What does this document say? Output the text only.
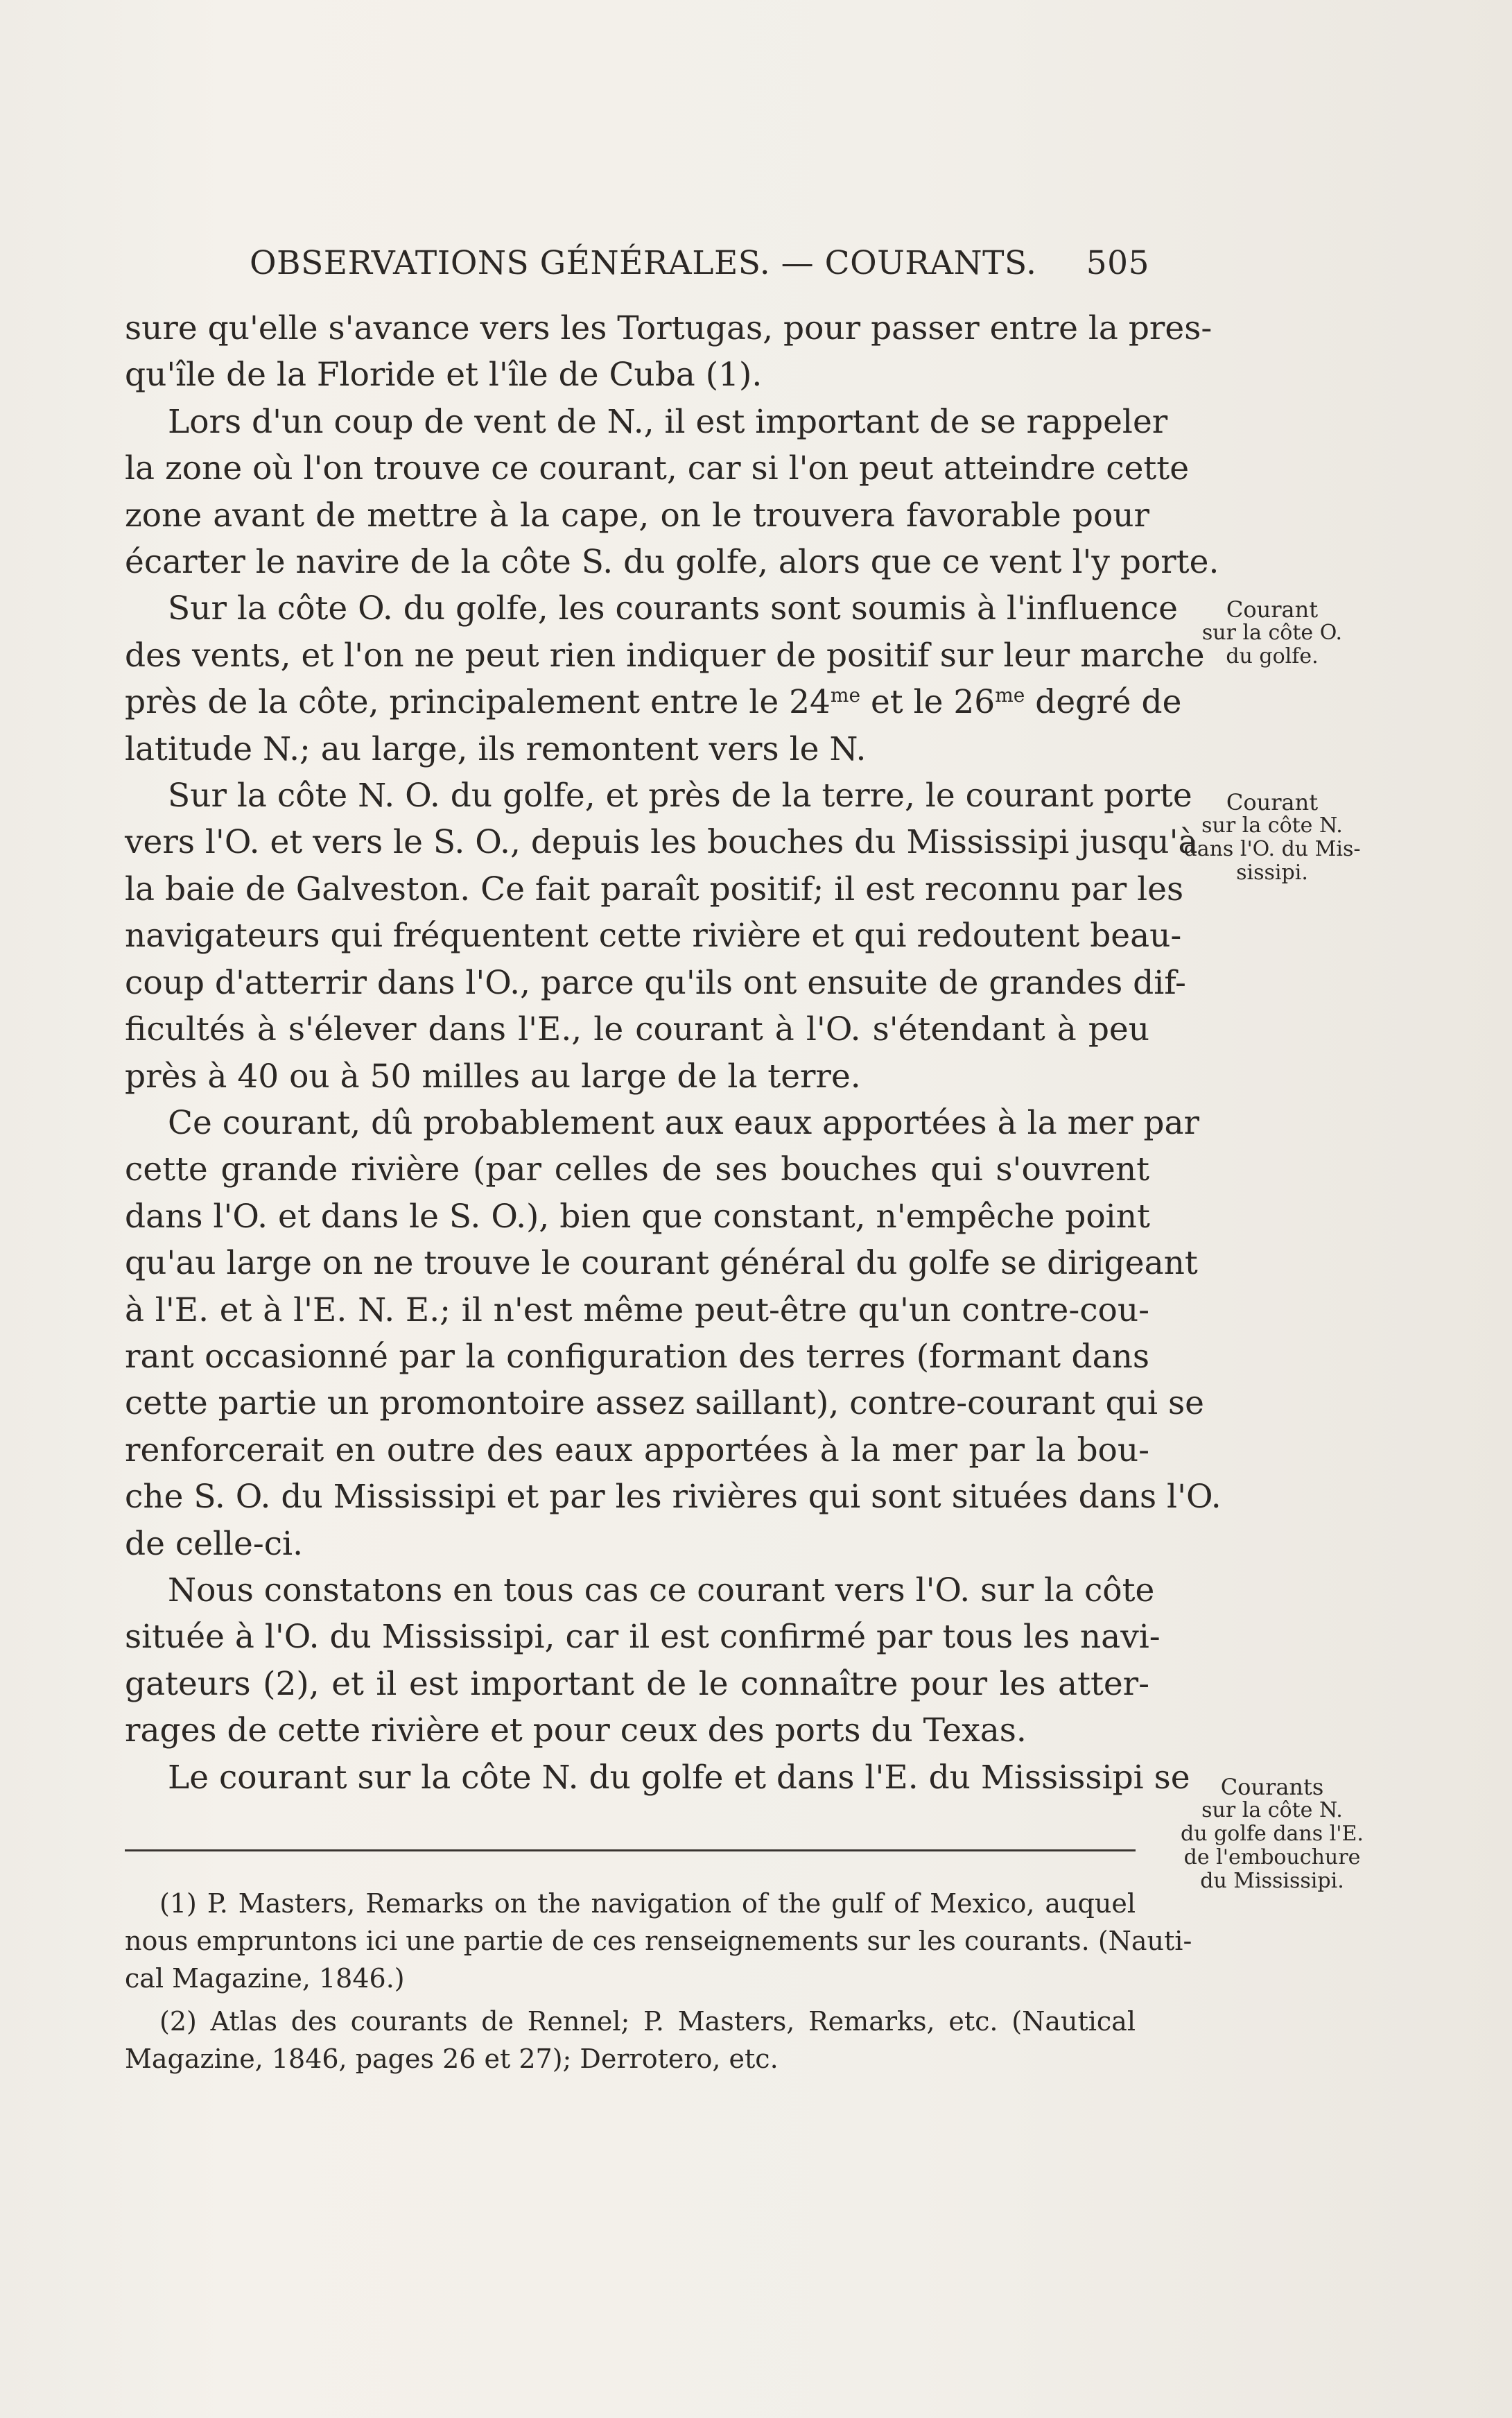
OBSERVATIONS GÉNÉRALES. — COURANTS. 505

sure qu'elle s'avance vers les Tortugas, pour passer entre la pres-
qu'île de la Floride et l'île de Cuba (1).

Lors d'un coup de vent de N., il est important de se rappeler
la zone où l'on trouve ce courant, car si l'on peut atteindre cette
zone avant de mettre à la cape, on le trouvera favorable pour
écarter le navire de la côte S. du golfe, alors que ce vent l'y porte.

Sur la côte O. du golfe, les courants sont soumis à l'influence
des vents, et l'on ne peut rien indiquer de positif sur leur marche
près de la côte, principalement entre le $24^{me}$ et le $26^{me}$ degré de
latitude N.; au large, ils remontent vers le N.

Sur la côte N. O. du golfe, et près de la terre, le courant porte
vers l'O. et vers le S. O., depuis les bouches du Mississipi jusqu'à
la baie de Galveston. Ce fait paraît positif; il est reconnu par les
navigateurs qui fréquentent cette rivière et qui redoutent beau-
coup d'atterrir dans l'O., parce qu'ils ont ensuite de grandes dif-
ficultés à s'élever dans l'E., le courant à l'O. s'étendant à peu
près à 40 ou à 50 milles au large de la terre.

Ce courant, dû probablement aux eaux apportées à la mer par
cette grande rivière (par celles de ses bouches qui s'ouvrent
dans l'O. et dans le S. O.), bien que constant, n'empêche point
qu'au large on ne trouve le courant général du golfe se dirigeant
à l'E. et à l'E. N. E.; il n'est même peut-être qu'un contre-cou-
rant occasionné par la configuration des terres (formant dans
cette partie un promontoire assez saillant), contre-courant qui se
renforcerait en outre des eaux apportées à la mer par la bou-
che S. O. du Mississipi et par les rivières qui sont situées dans l'O.
de celle-ci.

Nous constatons en tous cas ce courant vers l'O. sur la côte
située à l'O. du Mississipi, car il est confirmé par tous les navi-
gateurs (2), et il est important de le connaître pour les atter-
rages de cette rivière et pour ceux des ports du Texas.

Le courant sur la côte N. du golfe et dans l'E. du Mississipi se

(1) P. Masters, Remarks on the navigation of the gulf of Mexico, auquel
nous empruntons ici une partie de ces renseignements sur les courants. (Nauti-
cal Magazine, 1846.)

(2) Atlas des courants de Rennel; P. Masters, Remarks, etc. (Nautical
Magazine, 1846, pages 26 et 27); Derrotero, etc.

Courant
sur la côte O.
du golfe.
Courant
sur la côte N.
dans l'O. du Mis-
sissipi.
Courants
sur la côte N.
du golfe dans l'E.
de l'embouchure
du Mississipi.
